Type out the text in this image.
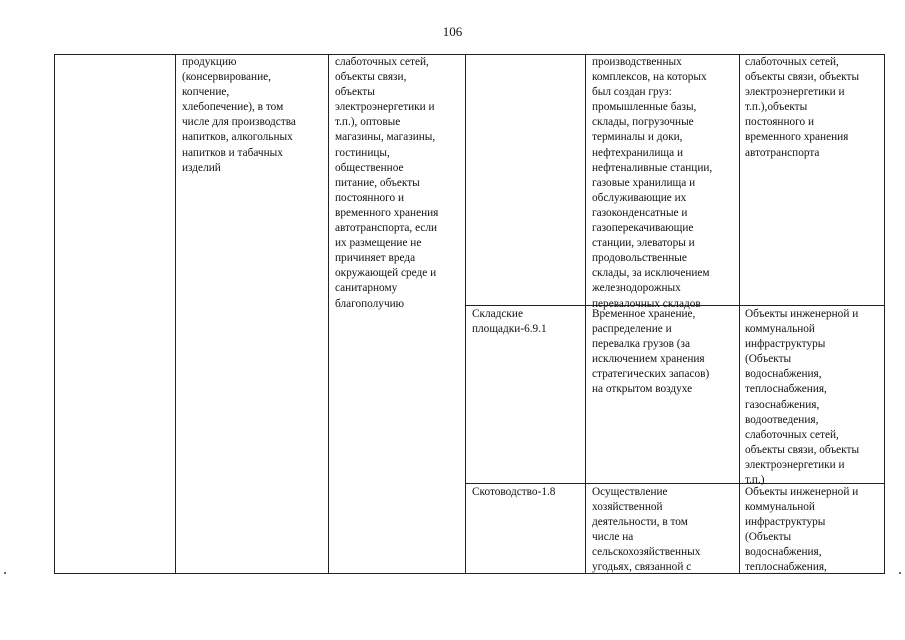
106
продукцию
(консервирование,
копчение,
хлебопечение), в том
числе для производства
напитков, алкогольных
напитков и табачных
изделий
слаботочных сетей,
объекты связи,
объекты
электроэнергетики и
т.п.), оптовые
магазины, магазины,
гостиницы,
общественное
питание, объекты
постоянного и
временного хранения
автотранспорта, если
их размещение не
причиняет вреда
окружающей среде и
санитарному
благополучию
производственных
комплексов, на которых
был создан груз:
промышленные базы,
склады, погрузочные
терминалы и доки,
нефтехранилища и
нефтеналивные станции,
газовые хранилища и
обслуживающие их
газоконденсатные и
газоперекачивающие
станции, элеваторы и
продовольственные
склады, за исключением
железнодорожных
перевалочных складов
слаботочных сетей,
объекты связи, объекты
электроэнергетики и
т.п.),объекты
постоянного и
временного хранения
автотранспорта
Складские
площадки-6.9.1
Временное хранение,
распределение и
перевалка грузов (за
исключением хранения
стратегических запасов)
на открытом воздухе
Объекты инженерной и
коммунальной
инфраструктуры
(Объекты
водоснабжения,
теплоснабжения,
газоснабжения,
водоотведения,
слаботочных сетей,
объекты связи, объекты
электроэнергетики и
т.п.)
Скотоводство-1.8	Осуществление
хозяйственной
деятельности, в том
числе на
сельскохозяйственных
угодьях, связанной с
Объекты инженерной и
коммунальной
инфраструктуры
(Объекты
водоснабжения,
теплоснабжения,
